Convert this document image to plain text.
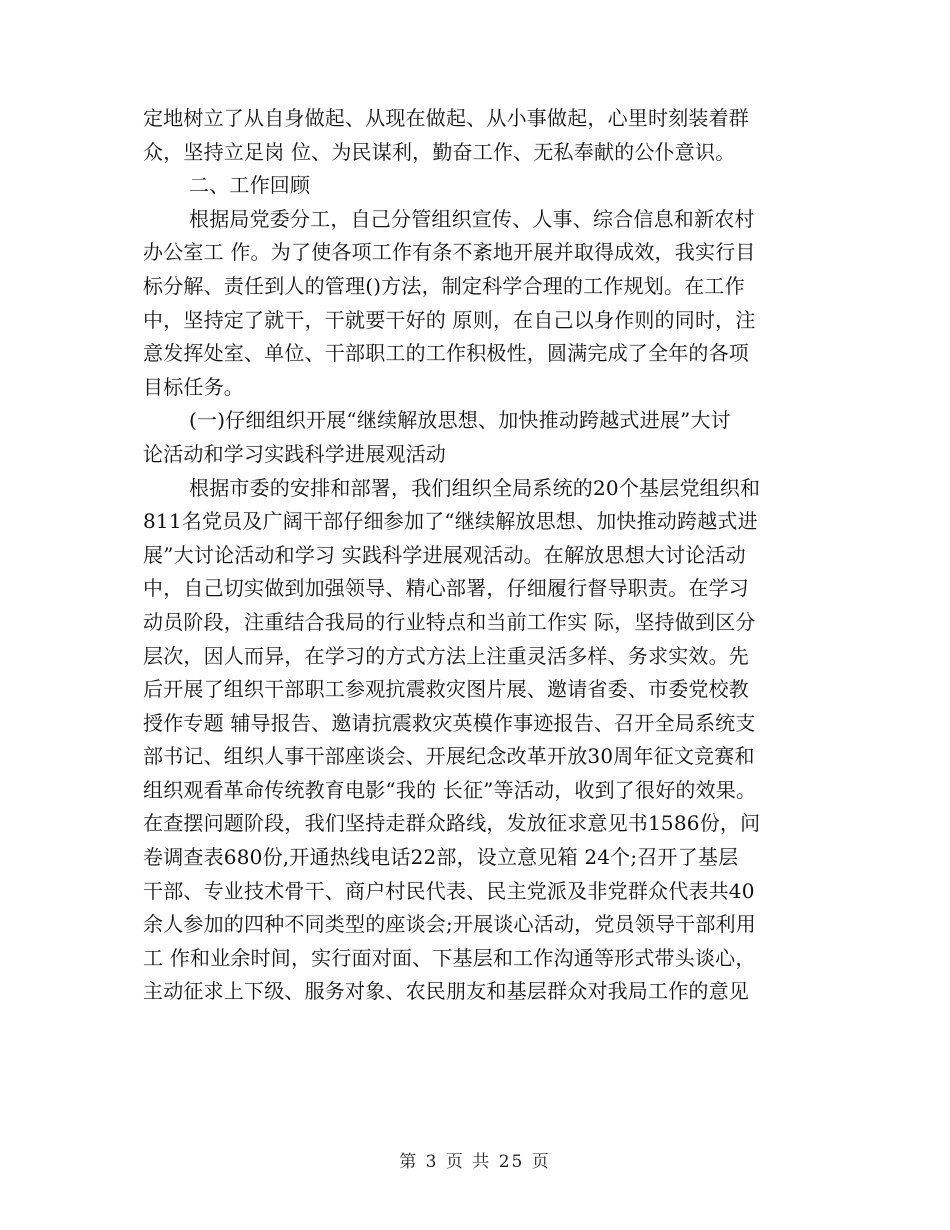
定地树立了从自身做起、从现在做起、从小事做起，心里时刻装着群
众，坚持立足岗 位、为民谋利，勤奋工作、无私奉献的公仆意识。
二、工作回顾
根据局党委分工，自己分管组织宣传、人事、综合信息和新农村
办公室工 作。为了使各项工作有条不紊地开展并取得成效，我实行目
标分解、责任到人的管理()方法，制定科学合理的工作规划。在工作
中，坚持定了就干，干就要干好的 原则，在自己以身作则的同时，注
意发挥处室、单位、干部职工的工作积极性，圆满完成了全年的各项
目标任务。
(一)仔细组织开展“继续解放思想、加快推动跨越式进展”大讨
论活动和学习实践科学进展观活动
根据市委的安排和部署，我们组织全局系统的20个基层党组织和
811名党员及广阔干部仔细参加了“继续解放思想、加快推动跨越式进
展”大讨论活动和学习 实践科学进展观活动。在解放思想大讨论活动
中，自己切实做到加强领导、精心部署，仔细履行督导职责。在学习
动员阶段，注重结合我局的行业特点和当前工作实 际，坚持做到区分
层次，因人而异，在学习的方式方法上注重灵活多样、务求实效。先
后开展了组织干部职工参观抗震救灾图片展、邀请省委、市委党校教
授作专题 辅导报告、邀请抗震救灾英模作事迹报告、召开全局系统支
部书记、组织人事干部座谈会、开展纪念改革开放30周年征文竞赛和
组织观看革命传统教育电影“我的 长征”等活动，收到了很好的效果。
在查摆问题阶段，我们坚持走群众路线，发放征求意见书1586份，问
卷调查表680份,开通热线电话22部，设立意见箱 24个;召开了基层
干部、专业技术骨干、商户村民代表、民主党派及非党群众代表共40
余人参加的四种不同类型的座谈会;开展谈心活动，党员领导干部利用
工 作和业余时间，实行面对面、下基层和工作沟通等形式带头谈心，
主动征求上下级、服务对象、农民朋友和基层群众对我局工作的意见
第 3 页 共 25 页
